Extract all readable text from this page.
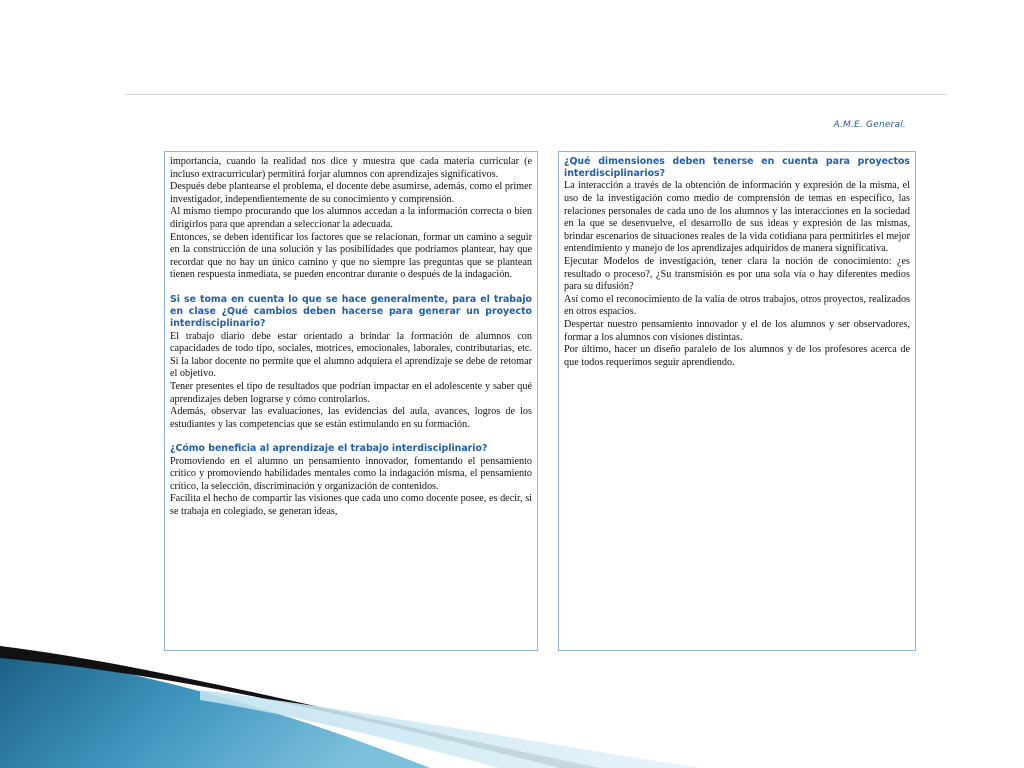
A.M.E. General.

importancia, cuando la realidad nos dice y muestra que cada materia curricular (e incluso extracurricular) permitirá forjar alumnos con aprendizajes significativos.

Después debe plantearse el problema, el docente debe asumirse, además, como el primer investigador, independientemente de su conocimiento y comprensión.

Al mismo tiempo procurando que los alumnos accedan a la información correcta o bien dirigirlos para que aprendan a seleccionar la adecuada.

Entonces, se deben identificar los factores que se relacionan, formar un camino a seguir en la construcción de una solución y las posibilidades que podríamos plantear, hay que recordar que no hay un único camino y que no siempre las preguntas que se plantean tienen respuesta inmediata, se pueden encontrar durante o después de la indagación.

Si se toma en cuenta lo que se hace generalmente, para el trabajo en clase ¿Qué cambios deben hacerse para generar un proyecto interdisciplinario?

El trabajo diario debe estar orientado a brindar la formación de alumnos con capacidades de todo tipo, sociales, motrices, emocionales, laborales, contributarias, etc. Si la labor docente no permite que el alumno adquiera el aprendizaje se debe de retomar el objetivo.

Tener presentes el tipo de resultados que podrían impactar en el adolescente y saber qué aprendizajes deben lograrse y cómo controlarlos.

Además, observar las evaluaciones, las evidencias del aula, avances, logros de los estudiantes y las competencias que se están estimulando en su formación.

¿Cómo beneficia al aprendizaje el trabajo interdisciplinario?

Promoviendo en el alumno un pensamiento innovador, fomentando el pensamiento crítico y promoviendo habilidades mentales como la indagación misma, el pensamiento crítico, la selección, discriminación y organización de contenidos.

Facilita el hecho de compartir las visiones que cada uno como docente posee, es decir, si se trabaja en colegiado, se generan ideas,

¿Qué dimensiones deben tenerse en cuenta para proyectos interdisciplinarios?

La interacción a través de la obtención de información y expresión de la misma, el uso de la investigación como medio de comprensión de temas en específico, las relaciones personales de cada uno de los alumnos y las interacciones en la sociedad en la que se desenvuelve, el desarrollo de sus ideas y expresión de las mismas, brindar escenarios de situaciones reales de la vida cotidiana para permitirles el mejor entendimiento y manejo de los aprendizajes adquiridos de manera significativa.

Ejecutar Modelos de investigación, tener clara la noción de conocimiento: ¿es resultado o proceso?, ¿Su transmisión es por una sola vía o hay diferentes medios para su difusión?

Así como el reconocimiento de la valía de otros trabajos, otros proyectos, realizados en otros espacios.

Despertar nuestro pensamiento innovador y el de los alumnos y ser observadores, formar a los alumnos con visiones distintas.

Por último, hacer un diseño paralelo de los alumnos y de los profesores acerca de que todos requerimos seguir aprendiendo.
